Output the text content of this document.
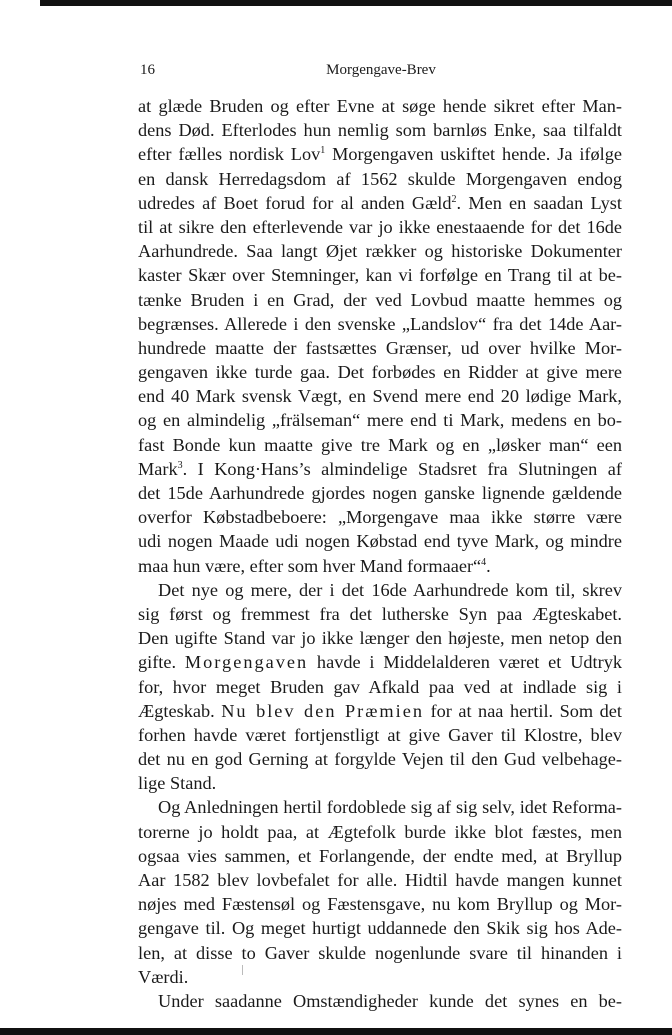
16	Morgengave-Brev
at glæde Bruden og efter Evne at søge hende sikret efter Man-
dens Død. Efterlodes hun nemlig som barnløs Enke, saa tilfaldt
efter fælles nordisk Lov$^1$ Morgengaven uskiftet hende. Ja ifølge
en dansk Herredagsdom af 1562 skulde Morgengaven endog
udredes af Boet forud for al anden Gæld$^2$. Men en saadan Lyst
til at sikre den efterlevende var jo ikke enestaaende for det 16de
Aarhundrede. Saa langt Øjet rækker og historiske Dokumenter
kaster Skær over Stemninger, kan vi forfølge en Trang til at be-
tænke Bruden i en Grad, der ved Lovbud maatte hemmes og
begrænses. Allerede i den svenske „Landslov“ fra det 14de Aar-
hundrede maatte der fastsættes Grænser, ud over hvilke Mor-
gengaven ikke turde gaa. Det forbødes en Ridder at give mere
end 40 Mark svensk Vægt, en Svend mere end 20 lødige Mark,
og en almindelig „frälseman“ mere end ti Mark, medens en bo-
fast Bonde kun maatte give tre Mark og en „løsker man“ een
Mark$^3$. I Kong·Hans’s almindelige Stadsret fra Slutningen af
det 15de Aarhundrede gjordes nogen ganske lignende gældende
overfor Købstadbeboere: „Morgengave maa ikke større være
udi nogen Maade udi nogen Købstad end tyve Mark, og mindre
maa hun være, efter som hver Mand formaaer“$^4$.
Det nye og mere, der i det 16de Aarhundrede kom til, skrev
sig først og fremmest fra det lutherske Syn paa Ægteskabet.
Den ugifte Stand var jo ikke længer den højeste, men netop den
gifte. Morgengaven havde i Middelalderen været et Udtryk
for, hvor meget Bruden gav Afkald paa ved at indlade sig i
Ægteskab. Nu blev den Præmien for at naa hertil. Som det
forhen havde været fortjenstligt at give Gaver til Klostre, blev
det nu en god Gerning at forgylde Vejen til den Gud velbehage-
lige Stand.
Og Anledningen hertil fordoblede sig af sig selv, idet Reforma-
torerne jo holdt paa, at Ægtefolk burde ikke blot fæstes, men
ogsaa vies sammen, et Forlangende, der endte med, at Bryllup
Aar 1582 blev lovbefalet for alle. Hidtil havde mangen kunnet
nøjes med Fæstensøl og Fæstensgave, nu kom Bryllup og Mor-
gengave til. Og meget hurtigt uddannede den Skik sig hos Ade-
len, at disse to Gaver skulde nogenlunde svare til hinanden i
Værdi.
Under saadanne Omstændigheder kunde det synes en be-
